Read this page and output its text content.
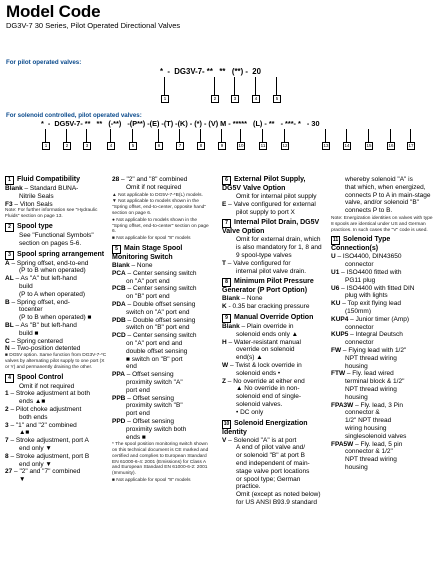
Model Code
DG3V-7 30 Series, Pilot Operated Directional Valves
For pilot operated valves:
*  -  DG3V-7- **   **   (**) -  20
For solenoid controlled, pilot operated valves:
*  -  DG5V-7- **   **   (-**)   -(P**) -(E) -(T) -(K) - (*) - (V) M - *****   (L) - **   - ***- *   - 30
1	2	3	4	5
1	2	3	4	5	6	7	8	9	10	11	12	13	14	15	16	17
1 Fluid Compatibility
Blank – Standard BUNA-
Nitrile Seals
F3 – Viton Seals
Note: For further information see "Hydraulic Fluids" section on page 13.
2 Spool type
See "Functional Symbols"
section on pages 5-6.
3 Spool spring arrangement
A – Spring offset, end-to-end
(P to B when operated)
AL – As "A" but left-hand
build
(P to A when operated)
B – Spring offset, end-
tocenter
(P to B when operated) ■
BL – As "B" but left-hand
build ■
C – Spring centered
N – Two-position detented
■ DG5V option. Same function from DG3V-7-*C valves by alternating pilot supply to one port (X or Y) and permanently draining the other.
4 Spool Control
Omit if not required
1 – Stroke adjustment at both
ends ▲■
2 – Pilot choke adjustment
both ends
3 – "1" and "2" combined
▲■
7 – Stroke adjustment, port A
end only ▼
8 – Stroke adjustment, port B
end only ▼
27 – "2" and "7" combined
▼
28 – "2" and "8" combined
Omit if not required
▲ Not applicable to DG5V-7-*B(L) models.
▼ Not applicable to models shown in the "Spring offset, end-to-center, opposite hand" section on page 6.
● Not applicable to models shown in the "Spring offset, end-to-center" section on page 6.
■ Not applicable for spool "8" models
5 Main Stage Spool Monitoring Switch
Blank – None
PCA – Center sensing switch
on "A" port end
PCB – Center sensing switch
on "B" port end
PDA – Double offset sensing
switch on "A" port end
PDB – Double offset sensing
switch on "B" port end
PCD – Center sensing switch
on "A" port end and
double offset sensing
■ switch on "B" port
end
PPA – Offset sensing
proximity switch "A"
port end
PPB – Offset sensing
proximity switch "B"
port end
PPD – Offset sensing
proximity switch both
ends ■
* The spool position monitoring switch shown on this technical document is CE marked and certified and complies to European Standard EN 61000-6-4: 2001 (Emissions) for Class A and European Standard EN 61000-6-2: 2001 (Immunity).
■ Not applicable for spool "8" models
6 External Pilot Supply, DG5V Valve Option
Omit for internal pilot supply
E – Valve configured for external
pilot supply to port X
7 Internal Pilot Drain, DG5V Valve Option
Omit for external drain, which
is also mandatory for 1, 8 and
9 spool-type valves
T – Valve configured for
internal pilot valve drain.
8 Minimum Pilot Pressure Generator (P Port Option)
Blank – None
K - 0.35 bar cracking pressure
9 Manual Override Option
Blank – Plain override in
solenoid ends only ▲
H – Water-resistant manual
override on solenoid
end(s) ▲
W – Twist & lock override in
solenoid ends •
Z – No override at either end
▲ No override in non-
solenoid end of single-
solenoid valves.
• DC only
10 Solenoid Energization Identity
V – Solenoid "A" is at port
A end of pilot valve and/
or solenoid "B" at port B
end independent of main-
stage valve port locations
or spool type; German
practice.
Omit (except as noted below)
for US ANSI B93.9 standard
whereby solenoid "A" is
that which, when energized,
connects P to A in main-stage
valve, and/or solenoid "B"
connects P to B.
Note: Energization identities on valves with type 8 spools are identical under US and German practices. In such cases the "V" code is used.
11 Solenoid Type Connection(s)
U – ISO4400, DIN43650
connector
U1 – ISO4400 fitted with
PG11 plug
U6 – ISO4400 with fitted DIN
plug with lights
KU – Top exit flying lead
(150mm)
KUP4 – Junior timer (Amp)
connector
KUP5 – Integral Deutsch
connector
FW – Flying lead with 1/2"
NPT thread wiring
housing
FTW – Fly. lead wired
terminal block & 1/2"
NPT thread wiring
housing
FPA3W – Fly. lead, 3 Pin
connector &
1/2" NPT thread
wiring housing
singlesolenoid valves
FPA5W – Fly. lead, 5 pin
connector & 1/2"
NPT thread wiring
housing
